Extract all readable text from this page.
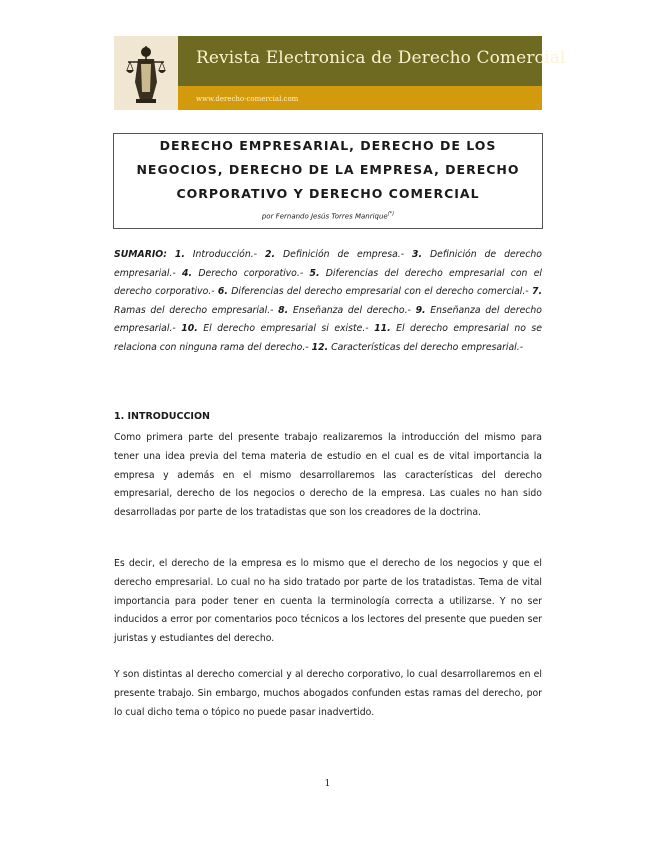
Revista Electronica de Derecho Comercial
www.derecho-comercial.com
DERECHO EMPRESARIAL, DERECHO DE LOS
NEGOCIOS, DERECHO DE LA EMPRESA, DERECHO
CORPORATIVO Y DERECHO COMERCIAL
por Fernando Jesús Torres Manrique(*)
SUMARIO: 1. Introducción.- 2. Definición de empresa.- 3. Definición de derecho empresarial.- 4. Derecho corporativo.- 5. Diferencias del derecho empresarial con el derecho corporativo.- 6. Diferencias del derecho empresarial con el derecho comercial.- 7. Ramas del derecho empresarial.- 8. Enseñanza del derecho.- 9. Enseñanza del derecho empresarial.- 10. El derecho empresarial si existe.- 11. El derecho empresarial no se relaciona con ninguna rama del derecho.- 12. Características del derecho empresarial.-
1. INTRODUCCION

Como primera parte del presente trabajo realizaremos la introducción del mismo para tener una idea previa del tema materia de estudio en el cual es de vital importancia la empresa y además en el mismo desarrollaremos las características del derecho empresarial, derecho de los negocios o derecho de la empresa. Las cuales no han sido desarrolladas por parte de los tratadistas que son los creadores de la doctrina.

Es decir, el derecho de la empresa es lo mismo que el derecho de los negocios y que el derecho empresarial. Lo cual no ha sido tratado por parte de los tratadistas. Tema de vital importancia para poder tener en cuenta la terminología correcta a utilizarse. Y no ser inducidos a error por comentarios poco técnicos a los lectores del presente que pueden ser juristas y estudiantes del derecho.

Y son distintas al derecho comercial y al derecho corporativo, lo cual desarrollaremos en el presente trabajo. Sin embargo, muchos abogados confunden estas ramas del derecho, por lo cual dicho tema o tópico no puede pasar inadvertido.

1
